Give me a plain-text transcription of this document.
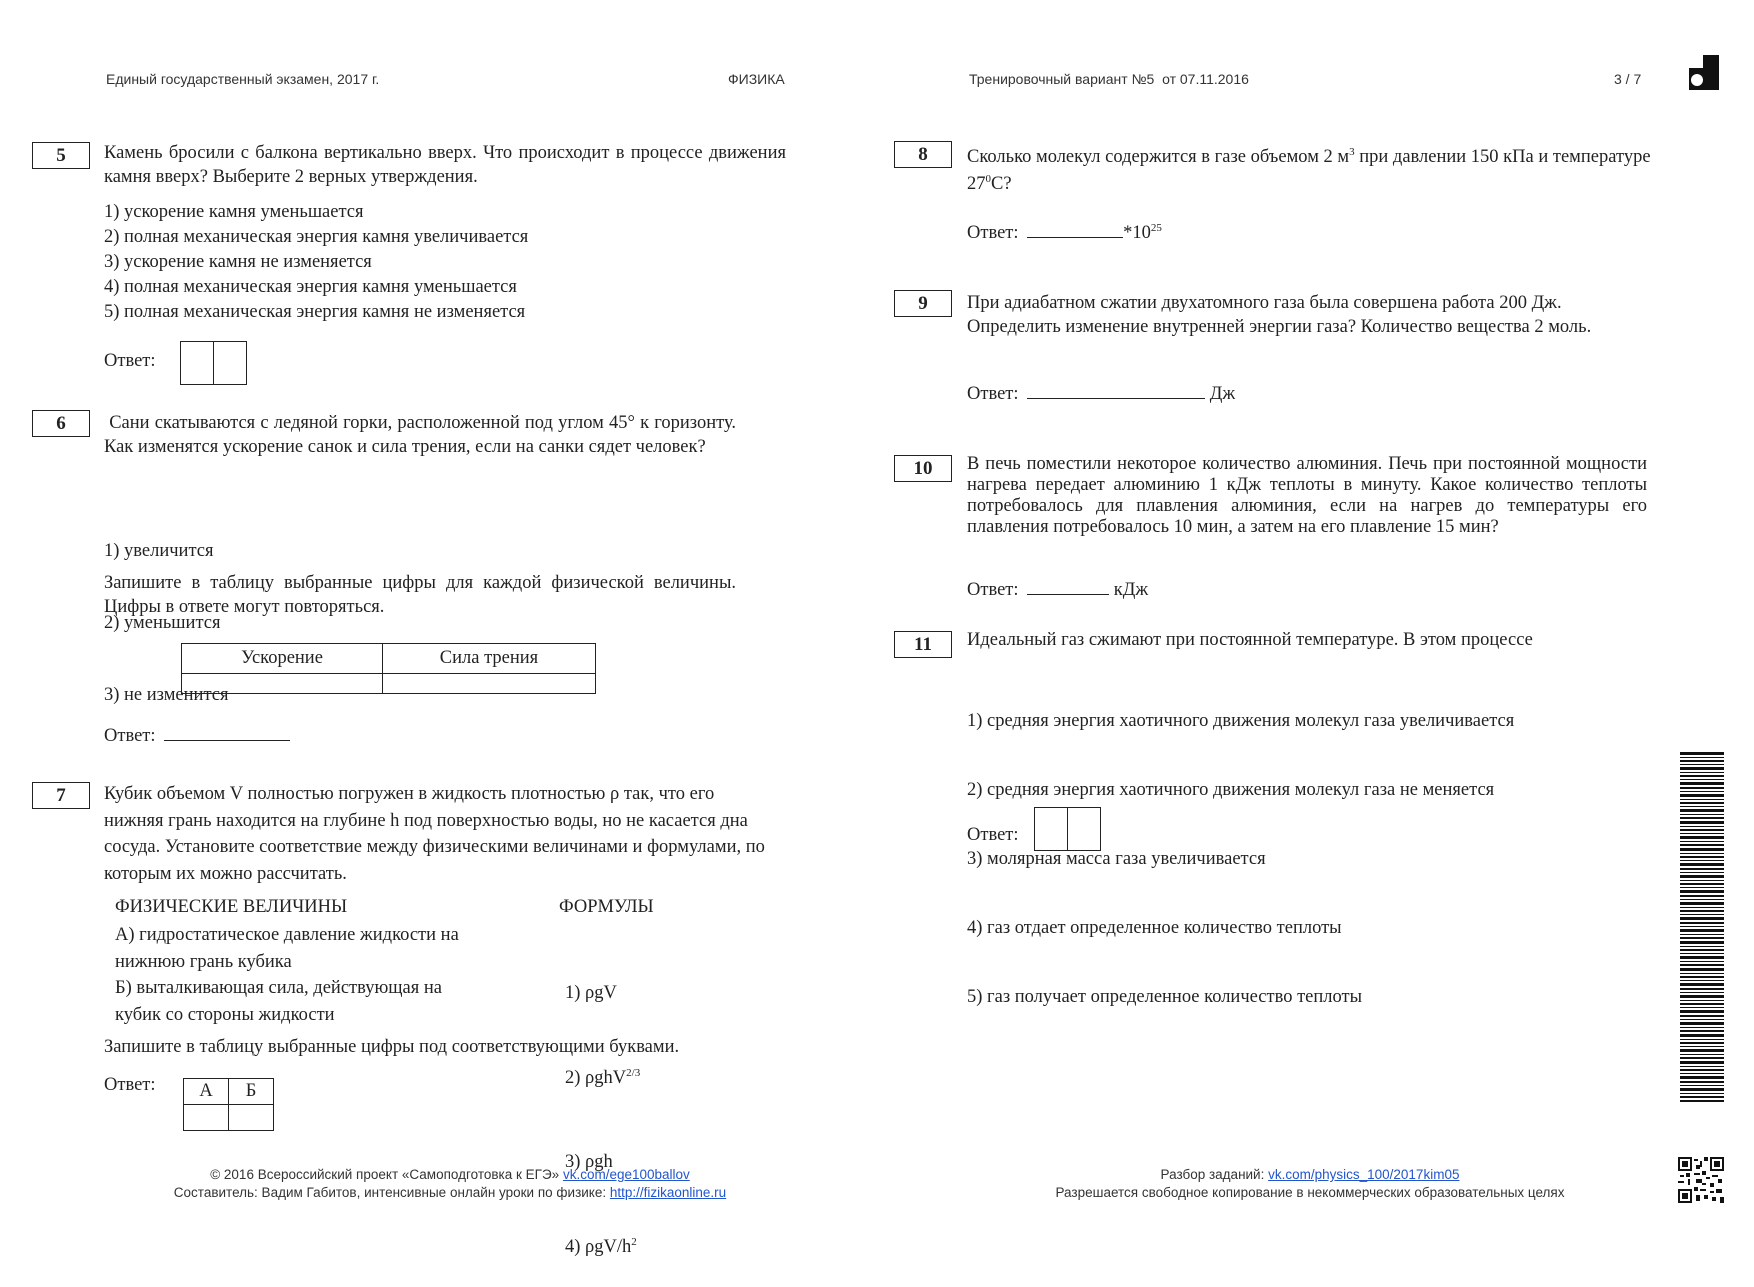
Единый государственный экзамен, 2017 г.	ФИЗИКА	Тренировочный вариант №5  от 07.11.2016	3 / 7
5	Камень бросили с балкона вертикально вверх. Что происходит в процессе движения камня вверх? Выберите 2 верных утверждения.
1) ускорение камня уменьшается
2) полная механическая энергия камня увеличивается
3) ускорение камня не изменяется
4) полная механическая энергия камня уменьшается
5) полная механическая энергия камня не изменяется
Ответ:
6	Сани скатываются с ледяной горки, расположенной под углом 45° к горизонту. Как изменятся ускорение санок и сила трения, если на санки сядет человек?

1) увеличится

2) уменьшится

3) не изменится

Запишите в таблицу выбранные цифры для каждой физической величины. Цифры в ответе могут повторяться.
Ускорение	Сила трения

Ответ:
7	Кубик объемом V полностью погружен в жидкость плотностью ρ так, что его нижняя грань находится на глубине h под поверхностью воды, но не касается дна сосуда. Установите соответствие между физическими величинами и формулами, по которым их можно рассчитать.
ФИЗИЧЕСКИЕ ВЕЛИЧИНЫ	ФОРМУЛЫ
А) гидростатическое давление жидкости на
нижнюю грань кубика
Б) выталкивающая сила, действующая на
кубик со стороны жидкости

1) ρgV

2) ρghV$^{2/3}$

3) ρgh

4) ρgV/$h^2$

Запишите в таблицу выбранные цифры под соответствующими буквами.
Ответ: А	Б

8	Сколько молекул содержится в газе объемом 2 $м^3$ при давлении 150 кПа и температуре $27^0С$?
Ответ:	$*10^{25}$
9	При адиабатном сжатии двухатомного газа была совершена работа 200 Дж. Определить изменение внутренней энергии газа? Количество вещества 2 моль.
Ответ:	Дж
10	В печь поместили некоторое количество алюминия. Печь при постоянной мощности нагрева передает алюминию 1 кДж теплоты в минуту. Какое количество теплоты потребовалось для плавления алюминия, если на нагрев до температуры его плавления потребовалось 10 мин, а затем на его плавление 15 мин?
Ответ:	кДж
11	Идеальный газ сжимают при постоянной температуре. В этом процессе

1) средняя энергия хаотичного движения молекул газа увеличивается

2) средняя энергия хаотичного движения молекул газа не меняется

3) молярная масса газа увеличивается

4) газ отдает определенное количество теплоты

5) газ получает определенное количество теплоты

Ответ:
© 2016 Всероссийский проект «Самоподготовка к ЕГЭ» vk.com/ege100ballov
Составитель: Вадим Габитов, интенсивные онлайн уроки по физике: http://fizikaonline.ru
Разбор заданий: vk.com/physics_100/2017kim05
Разрешается свободное копирование в некоммерческих образовательных целях
